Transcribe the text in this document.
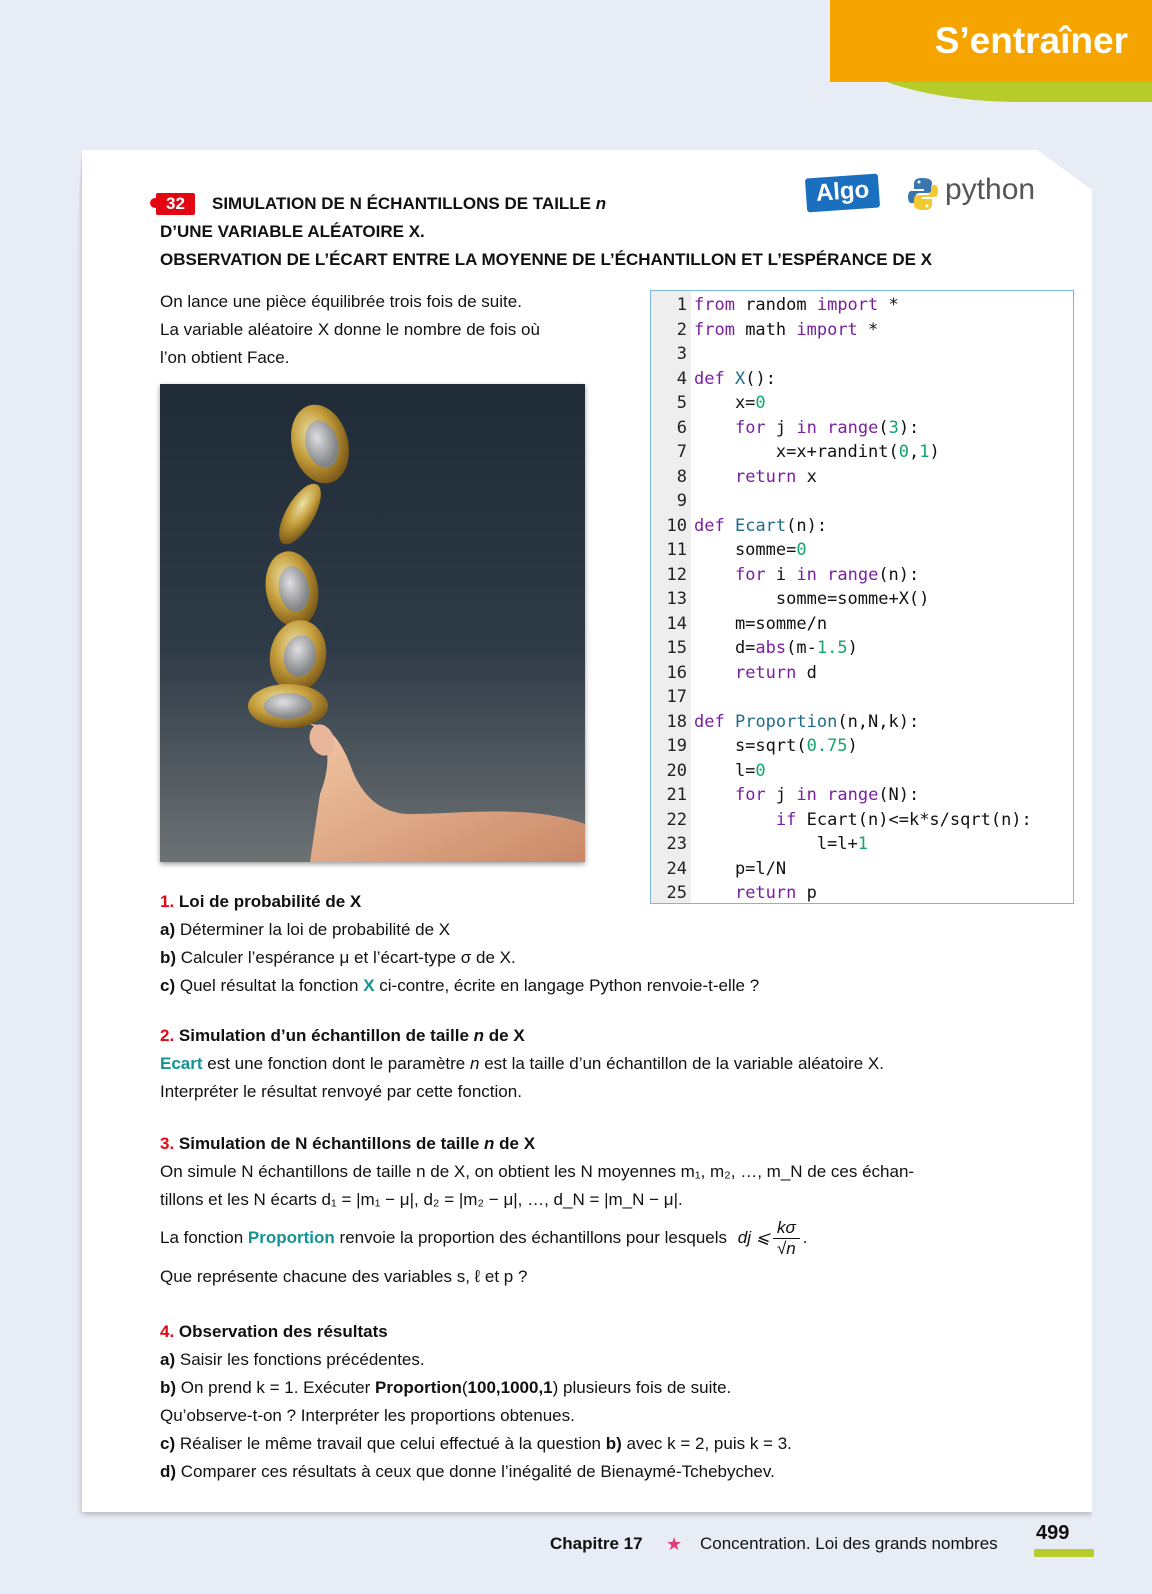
S’entraîner
32	SIMULATION DE N ÉCHANTILLONS DE TAILLE n
D’UNE VARIABLE ALÉATOIRE X.
OBSERVATION DE L’ÉCART ENTRE LA MOYENNE DE L’ÉCHANTILLON ET L’ESPÉRANCE DE X
Algo	python
On lance une pièce équilibrée trois fois de suite.
La variable aléatoire X donne le nombre de fois où
l’on obtient Face.
1 from random import *
2 from math import *
3
4 def X():
5    x=0
6	for j in range(3):
7        x=x+randint(0,1)
8	return x
9
10 def Ecart(n):
11    somme=0
12	for i in range(n):
13        somme=somme+X()
14    m=somme/n
15    d=abs(m-1.5)
16	return d
17
18 def Proportion(n,N,k):
19    s=sqrt(0.75)
20    l=0
21	for j in range(N):
22	if Ecart(n)<=k*s/sqrt(n):
23            l=l+1
24    p=l/N
25	return p
1. Loi de probabilité de X
a) Déterminer la loi de probabilité de X
b) Calculer l’espérance μ et l’écart-type σ de X.
c) Quel résultat la fonction X ci-contre, écrite en langage Python renvoie-t-elle ?
2. Simulation d’un échantillon de taille n de X
Ecart est une fonction dont le paramètre n est la taille d’un échantillon de la variable aléatoire X.
Interpréter le résultat renvoyé par cette fonction.
3. Simulation de N échantillons de taille n de X
On simule N échantillons de taille n de X, on obtient les N moyennes m₁, m₂, …, m_N de ces échan-
tillons et les N écarts d₁ = |m₁ − μ|, d₂ = |m₂ − μ|, …, d_N = |m_N − μ|.
La fonction Proportion renvoie la proportion des échantillons pour lesquels dj ⩽ $\frac{k\sigma}{√n}$ .
Que représente chacune des variables s, ℓ et p ?
4. Observation des résultats
a) Saisir les fonctions précédentes.
b) On prend k = 1. Exécuter Proportion(100,1000,1) plusieurs fois de suite.
Qu’observe-t-on ? Interpréter les proportions obtenues.
c) Réaliser le même travail que celui effectué à la question b) avec k = 2, puis k = 3.
d) Comparer ces résultats à ceux que donne l’inégalité de Bienaymé-Tchebychev.
Chapitre 17 ★ Concentration. Loi des grands nombres 499
